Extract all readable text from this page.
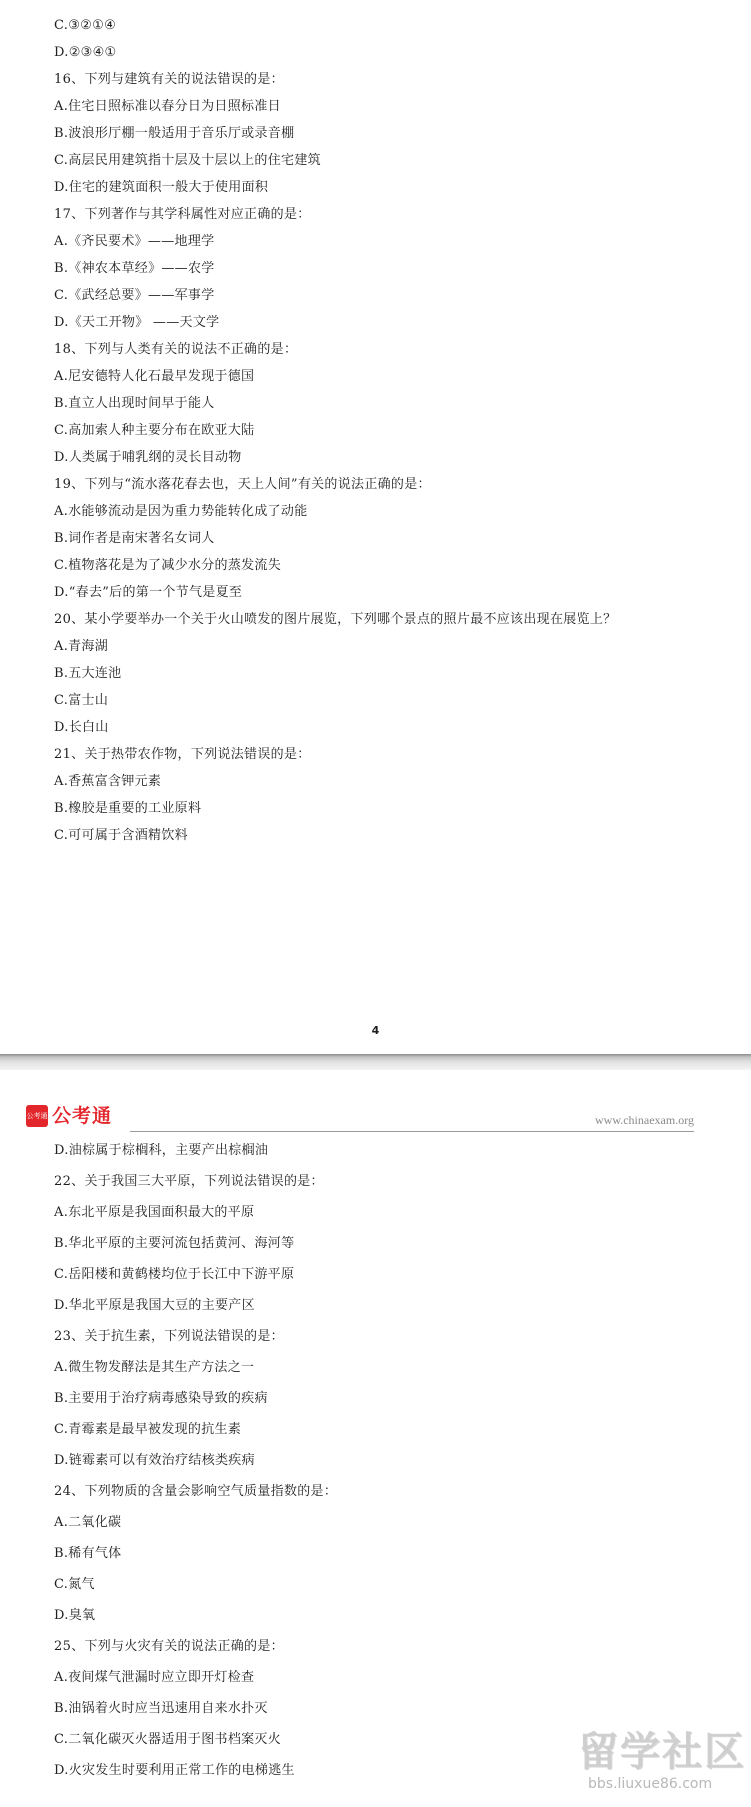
C.③②①④
D.②③④①
16、下列与建筑有关的说法错误的是：
A.住宅日照标准以春分日为日照标准日
B.波浪形厅棚一般适用于音乐厅或录音棚
C.高层民用建筑指十层及十层以上的住宅建筑
D.住宅的建筑面积一般大于使用面积
17、下列著作与其学科属性对应正确的是：
A.《齐民要术》——地理学
B.《神农本草经》——农学
C.《武经总要》——军事学
D.《天工开物》 ——天文学
18、下列与人类有关的说法不正确的是：
A.尼安德特人化石最早发现于德国
B.直立人出现时间早于能人
C.高加索人种主要分布在欧亚大陆
D.人类属于哺乳纲的灵长目动物
19、下列与“流水落花春去也，天上人间”有关的说法正确的是：
A.水能够流动是因为重力势能转化成了动能
B.词作者是南宋著名女词人
C.植物落花是为了减少水分的蒸发流失
D.“春去”后的第一个节气是夏至
20、某小学要举办一个关于火山喷发的图片展览，下列哪个景点的照片最不应该出现在展览上？
A.青海湖
B.五大连池
C.富士山
D.长白山
21、关于热带农作物，下列说法错误的是：
A.香蕉富含钾元素
B.橡胶是重要的工业原料
C.可可属于含酒精饮料
4
公考通 公考通	www.chinaexam.org
D.油棕属于棕榈科，主要产出棕榈油
22、关于我国三大平原，下列说法错误的是：
A.东北平原是我国面积最大的平原
B.华北平原的主要河流包括黄河、海河等
C.岳阳楼和黄鹤楼均位于长江中下游平原
D.华北平原是我国大豆的主要产区
23、关于抗生素，下列说法错误的是：
A.微生物发酵法是其生产方法之一
B.主要用于治疗病毒感染导致的疾病
C.青霉素是最早被发现的抗生素
D.链霉素可以有效治疗结核类疾病
24、下列物质的含量会影响空气质量指数的是：
A.二氧化碳
B.稀有气体
C.氮气
D.臭氧
25、下列与火灾有关的说法正确的是：
A.夜间煤气泄漏时应立即开灯检查
B.油锅着火时应当迅速用自来水扑灭
C.二氧化碳灭火器适用于图书档案灭火
D.火灾发生时要利用正常工作的电梯逃生	留学社区
bbs.liuxue86.com
